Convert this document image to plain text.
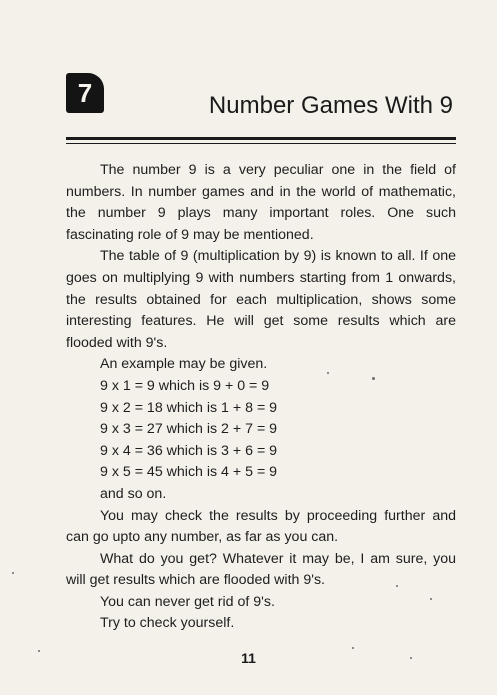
7	Number Games With 9

The number 9 is a very peculiar one in the field of numbers. In number games and in the world of mathematic, the number 9 plays many important roles. One such fascinating role of 9 may be mentioned.

The table of 9 (multiplication by 9) is known to all. If one goes on multiplying 9 with numbers starting from 1 onwards, the results obtained for each multiplication, shows some interesting features. He will get some results which are flooded with 9's.

An example may be given.
9 x 1 = 9 which is 9 + 0 = 9
9 x 2 = 18 which is 1 + 8 = 9
9 x 3 = 27 which is 2 + 7 = 9
9 x 4 = 36 which is 3 + 6 = 9
9 x 5 = 45 which is 4 + 5 = 9
and so on.

You may check the results by proceeding further and can go upto any number, as far as you can.

What do you get? Whatever it may be, I am sure, you will get results which are flooded with 9's.

You can never get rid of 9's.
Try to check yourself.
11
